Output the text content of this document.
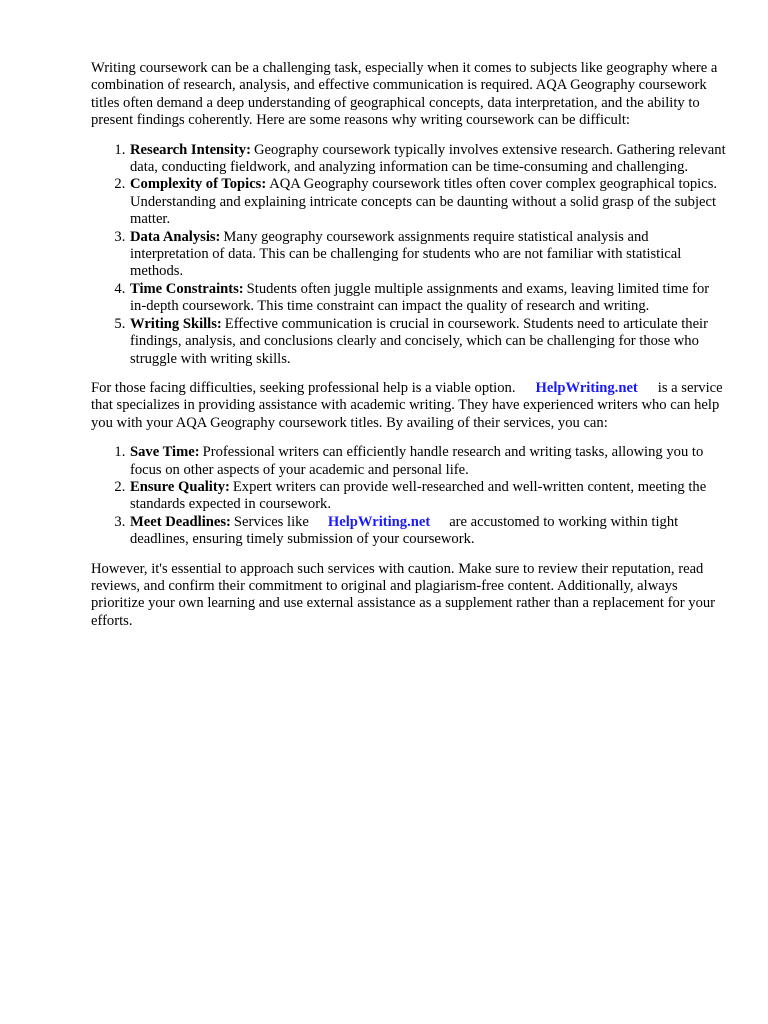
Writing coursework can be a challenging task, especially when it comes to subjects like geography where a combination of research, analysis, and effective communication is required. AQA Geography coursework titles often demand a deep understanding of geographical concepts, data interpretation, and the ability to present findings coherently. Here are some reasons why writing coursework can be difficult:

1. Research Intensity: Geography coursework typically involves extensive research. Gathering relevant data, conducting fieldwork, and analyzing information can be time-consuming and challenging.
2. Complexity of Topics: AQA Geography coursework titles often cover complex geographical topics. Understanding and explaining intricate concepts can be daunting without a solid grasp of the subject matter.
3. Data Analysis: Many geography coursework assignments require statistical analysis and interpretation of data. This can be challenging for students who are not familiar with statistical methods.
4. Time Constraints: Students often juggle multiple assignments and exams, leaving limited time for in-depth coursework. This time constraint can impact the quality of research and writing.
5. Writing Skills: Effective communication is crucial in coursework. Students need to articulate their findings, analysis, and conclusions clearly and concisely, which can be challenging for those who struggle with writing skills.

For those facing difficulties, seeking professional help is a viable option. HelpWriting.net is a service that specializes in providing assistance with academic writing. They have experienced writers who can help you with your AQA Geography coursework titles. By availing of their services, you can:

1. Save Time: Professional writers can efficiently handle research and writing tasks, allowing you to focus on other aspects of your academic and personal life.
2. Ensure Quality: Expert writers can provide well-researched and well-written content, meeting the standards expected in coursework.
3. Meet Deadlines: Services like HelpWriting.net are accustomed to working within tight deadlines, ensuring timely submission of your coursework.

However, it's essential to approach such services with caution. Make sure to review their reputation, read reviews, and confirm their commitment to original and plagiarism-free content. Additionally, always prioritize your own learning and use external assistance as a supplement rather than a replacement for your efforts.
